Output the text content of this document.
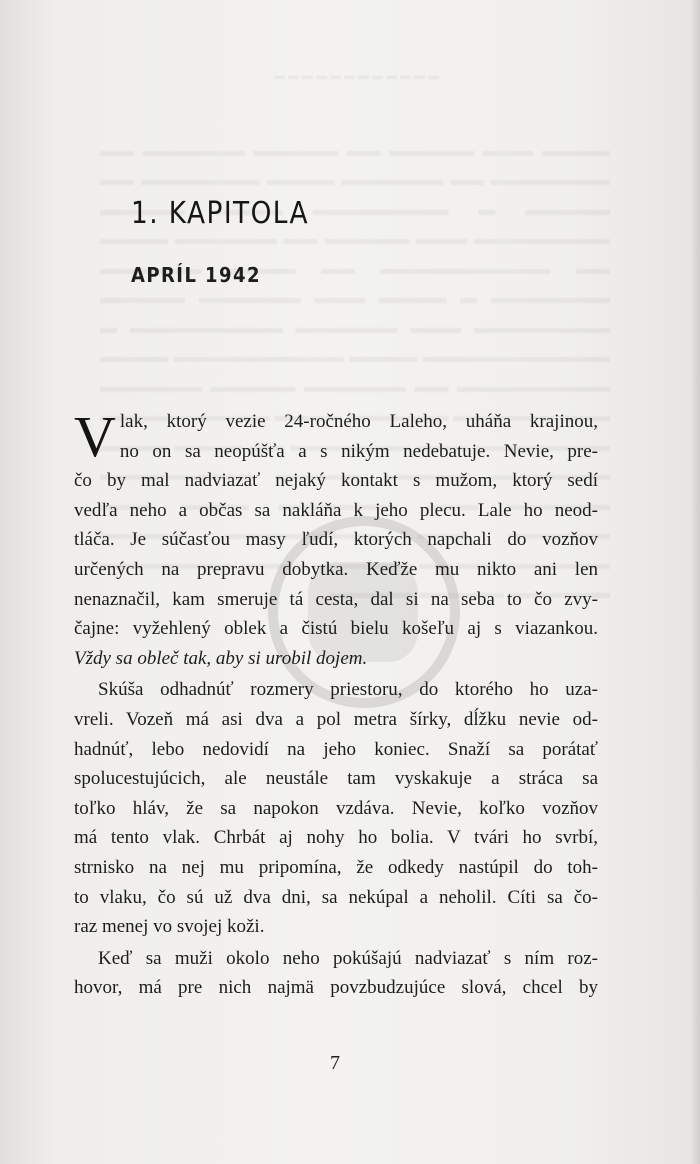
1. KAPITOLA
APRÍL 1942
V lak, ktorý vezie 24-ročného Laleho, uháňa krajinou,
no on sa neopúšťa a s nikým nedebatuje. Nevie, pre-
čo by mal nadviazať nejaký kontakt s mužom, ktorý sedí
vedľa neho a občas sa nakláňa k jeho plecu. Lale ho neod-
tláča. Je súčasťou masy ľudí, ktorých napchali do vozňov
určených na prepravu dobytka. Keďže mu nikto ani len
nenaznačil, kam smeruje tá cesta, dal si na seba to čo zvy-
čajne: vyžehlený oblek a čistú bielu košeľu aj s viazankou.
Vždy sa obleč tak, aby si urobil dojem.
Skúša odhadnúť rozmery priestoru, do ktorého ho uza-
vreli. Vozeň má asi dva a pol metra šírky, dĺžku nevie od-
hadnúť, lebo nedovidí na jeho koniec. Snaží sa porátať
spolucestujúcich, ale neustále tam vyskakuje a stráca sa
toľko hláv, že sa napokon vzdáva. Nevie, koľko vozňov
má tento vlak. Chrbát aj nohy ho bolia. V tvári ho svrbí,
strnisko na nej mu pripomína, že odkedy nastúpil do toh-
to vlaku, čo sú už dva dni, sa nekúpal a neholil. Cíti sa čo-
raz menej vo svojej koži.
Keď sa muži okolo neho pokúšajú nadviazať s ním roz-
hovor, má pre nich najmä povzbudzujúce slová, chcel by
7
